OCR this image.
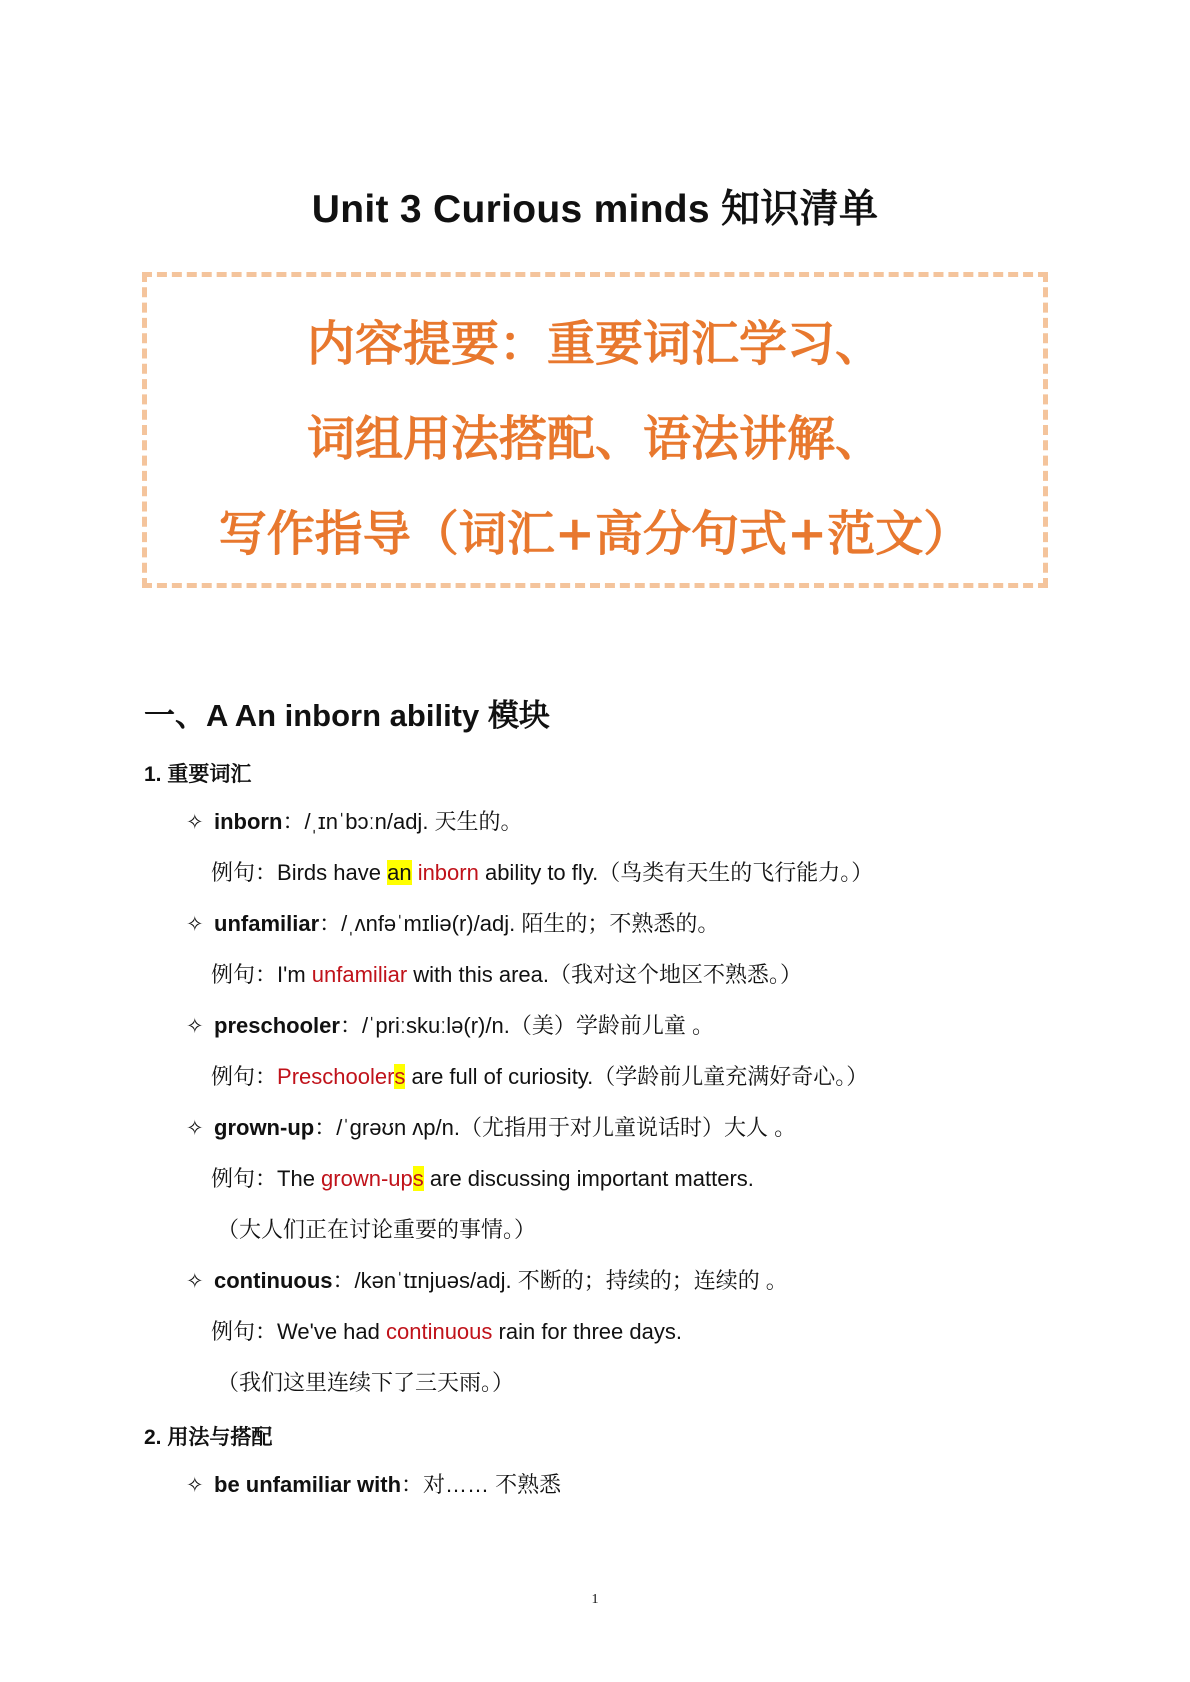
Unit 3 Curious minds 知识清单
内容提要：重要词汇学习、
词组用法搭配、语法讲解、
写作指导（词汇+高分句式+范文）
一、A An inborn ability 模块
1. 重要词汇
✧ inborn：/ˌɪnˈbɔːn/adj. 天生的。
例句：Birds have an inborn ability to fly.（鸟类有天生的飞行能力。）
✧ unfamiliar：/ˌʌnfəˈmɪliə(r)/adj. 陌生的；不熟悉的。
例句：I'm unfamiliar with this area.（我对这个地区不熟悉。）
✧ preschooler：/ˈpriːskuːlə(r)/n.（美）学龄前儿童 。
例句：Preschoolers are full of curiosity.（学龄前儿童充满好奇心。）
✧ grown-up：/ˈɡrəʊn ʌp/n.（尤指用于对儿童说话时）大人 。
例句：The grown-ups are discussing important matters.
（大人们正在讨论重要的事情。）
✧ continuous：/kənˈtɪnjuəs/adj. 不断的；持续的；连续的 。
例句：We've had continuous rain for three days.
（我们这里连续下了三天雨。）
2. 用法与搭配
✧ be unfamiliar with：对…… 不熟悉
1
